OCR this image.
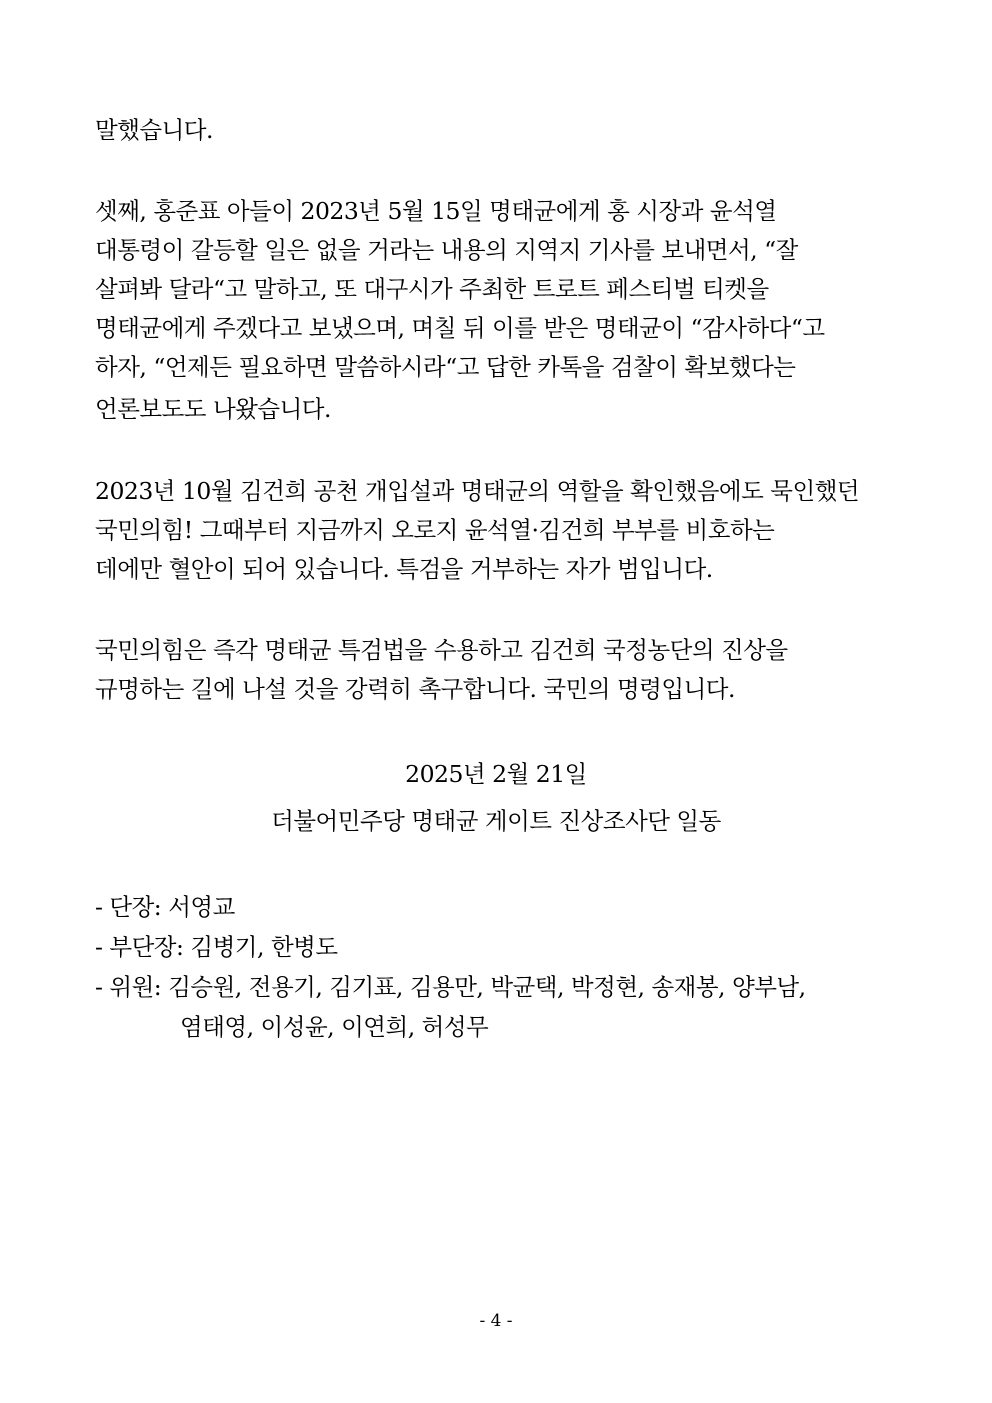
말했습니다.
셋째, 홍준표 아들이 2023년 5월 15일 명태균에게 홍 시장과 윤석열
대통령이 갈등할 일은 없을 거라는 내용의 지역지 기사를 보내면서, “잘
살펴봐 달라“고 말하고, 또 대구시가 주최한 트로트 페스티벌 티켓을
명태균에게 주겠다고 보냈으며, 며칠 뒤 이를 받은 명태균이 “감사하다“고
하자, “언제든 필요하면 말씀하시라“고 답한 카톡을 검찰이 확보했다는
언론보도도 나왔습니다.
2023년 10월 김건희 공천 개입설과 명태균의 역할을 확인했음에도 묵인했던
국민의힘! 그때부터 지금까지 오로지 윤석열·김건희 부부를 비호하는
데에만 혈안이 되어 있습니다. 특검을 거부하는 자가 범입니다.
국민의힘은 즉각 명태균 특검법을 수용하고 김건희 국정농단의 진상을
규명하는 길에 나설 것을 강력히 촉구합니다. 국민의 명령입니다.
2025년 2월 21일
더불어민주당 명태균 게이트 진상조사단 일동
- 단장: 서영교
- 부단장: 김병기, 한병도
- 위원: 김승원, 전용기, 김기표, 김용만, 박균택, 박정현, 송재봉, 양부남,
염태영, 이성윤, 이연희, 허성무
- 4 -
